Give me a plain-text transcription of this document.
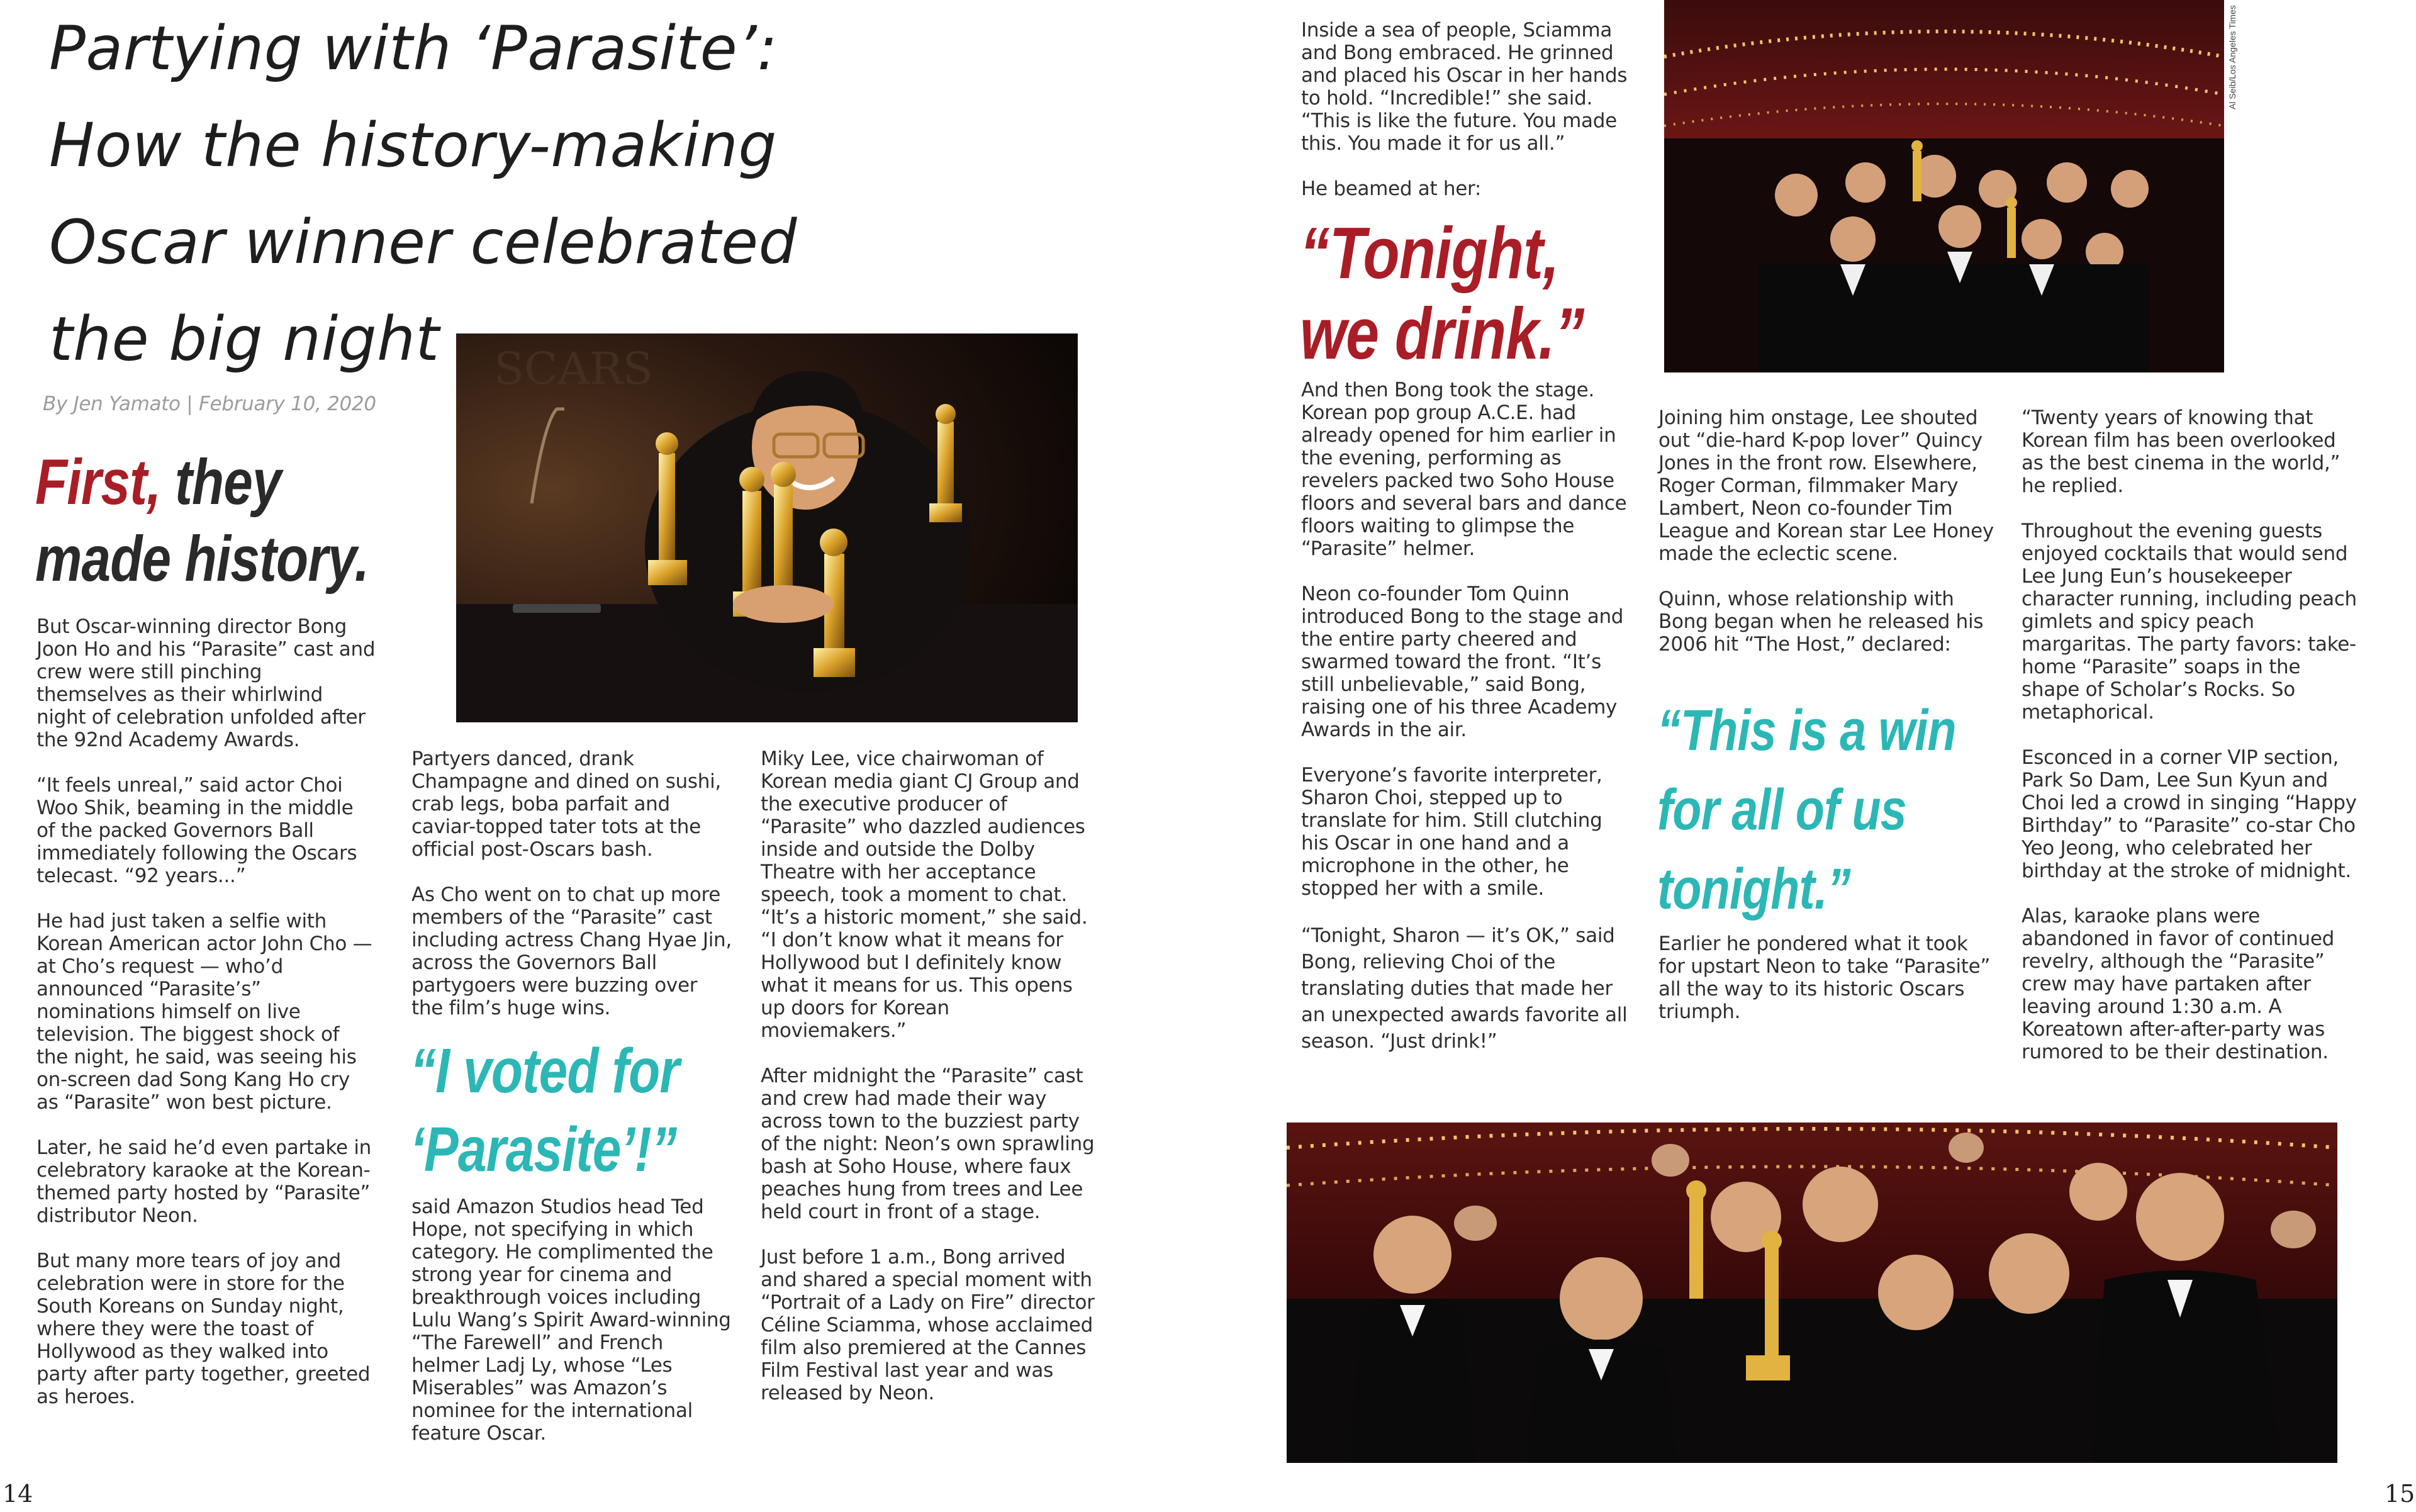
Partying with ‘Parasite’:
How the history-making
Oscar winner celebrated
the big night
By Jen Yamato | February 10, 2020
First, they
made history.
SCARS

But Oscar-winning director Bong Joon Ho and his “Parasite” cast and crew were still pinching themselves as their whirlwind night of celebration unfolded after the 92nd Academy Awards.

“It feels unreal,” said actor Choi Woo Shik, beaming in the middle of the packed Governors Ball immediately following the Oscars telecast. “92 years...”

He had just taken a selfie with Korean American actor John Cho — at Cho’s request — who’d announced “Parasite’s” nominations himself on live television. The biggest shock of the night, he said, was seeing his on-screen dad Song Kang Ho cry as “Parasite” won best picture.

Later, he said he’d even partake in celebratory karaoke at the Korean-themed party hosted by “Parasite” distributor Neon.

But many more tears of joy and celebration were in store for the South Koreans on Sunday night, where they were the toast of Hollywood as they walked into party after party together, greeted as heroes.

Partyers danced, drank Champagne and dined on sushi, crab legs, boba parfait and caviar-topped tater tots at the official post-Oscars bash.

As Cho went on to chat up more members of the “Parasite” cast including actress Chang Hyae Jin, across the Governors Ball partygoers were buzzing over the film’s huge wins.

“I voted for
‘Parasite’!”

said Amazon Studios head Ted Hope, not specifying in which category. He complimented the strong year for cinema and breakthrough voices including Lulu Wang’s Spirit Award-winning “The Farewell” and French helmer Ladj Ly, whose “Les Miserables” was Amazon’s nominee for the international feature Oscar.

Miky Lee, vice chairwoman of Korean media giant CJ Group and the executive producer of “Parasite” who dazzled audiences inside and outside the Dolby Theatre with her acceptance speech, took a moment to chat. “It’s a historic moment,” she said. “I don’t know what it means for Hollywood but I definitely know what it means for us. This opens up doors for Korean moviemakers.”

After midnight the “Parasite” cast and crew had made their way across town to the buzziest party of the night: Neon’s own sprawling bash at Soho House, where faux peaches hung from trees and Lee held court in front of a stage.

Just before 1 a.m., Bong arrived and shared a special moment with “Portrait of a Lady on Fire” director Céline Sciamma, whose acclaimed film also premiered at the Cannes Film Festival last year and was released by Neon.

14

Inside a sea of people, Sciamma and Bong embraced. He grinned and placed his Oscar in her hands to hold. “Incredible!” she said. “This is like the future. You made this. You made it for us all.”

He beamed at her:

“Tonight,
we drink.”

And then Bong took the stage. Korean pop group A.C.E. had already opened for him earlier in the evening, performing as revelers packed two Soho House floors and several bars and dance floors waiting to glimpse the “Parasite” helmer.

Neon co-founder Tom Quinn introduced Bong to the stage and the entire party cheered and swarmed toward the front. “It’s still unbelievable,” said Bong, raising one of his three Academy Awards in the air.

Everyone’s favorite interpreter, Sharon Choi, stepped up to translate for him. Still clutching his Oscar in one hand and a microphone in the other, he stopped her with a smile.

“Tonight, Sharon — it’s OK,” said Bong, relieving Choi of the translating duties that made her an unexpected awards favorite all season. “Just drink!”

Al Seib/Los Angeles Times

Joining him onstage, Lee shouted out “die-hard K-pop lover” Quincy Jones in the front row. Elsewhere, Roger Corman, filmmaker Mary Lambert, Neon co-founder Tim League and Korean star Lee Honey made the eclectic scene.

Quinn, whose relationship with Bong began when he released his 2006 hit “The Host,” declared:

“This is a win
for all of us
tonight.”

Earlier he pondered what it took for upstart Neon to take “Parasite” all the way to its historic Oscars triumph.

“Twenty years of knowing that Korean film has been overlooked as the best cinema in the world,” he replied.

Throughout the evening guests enjoyed cocktails that would send Lee Jung Eun’s housekeeper character running, including peach gimlets and spicy peach margaritas. The party favors: take-home “Parasite” soaps in the shape of Scholar’s Rocks. So metaphorical.

Esconced in a corner VIP section, Park So Dam, Lee Sun Kyun and Choi led a crowd in singing “Happy Birthday” to “Parasite” co-star Cho Yeo Jeong, who celebrated her birthday at the stroke of midnight.

Alas, karaoke plans were abandoned in favor of continued revelry, although the “Parasite” crew may have partaken after leaving around 1:30 a.m. A Koreatown after-after-party was rumored to be their destination.

15
